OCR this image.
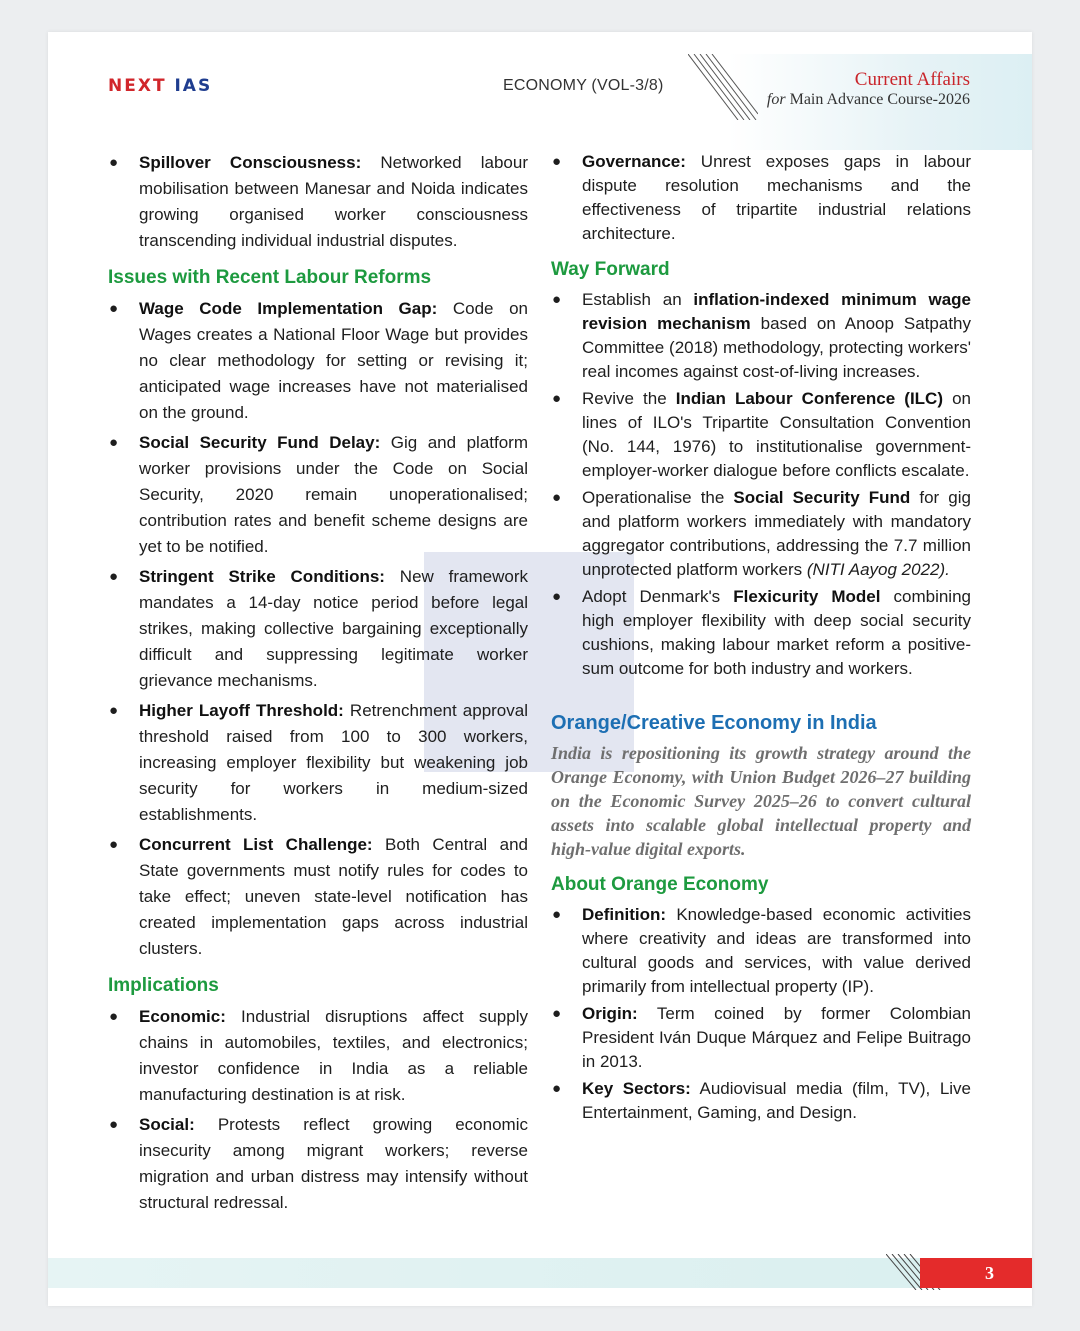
NEXT IAS	ECONOMY (VOL-3/8)	Current Affairs
for Main Advance Course-2026
● Spillover Consciousness: Networked labour mobilisation between Manesar and Noida indicates growing organised worker consciousness transcending individual industrial disputes.
Issues with Recent Labour Reforms
● Wage Code Implementation Gap: Code on Wages creates a National Floor Wage but provides no clear methodology for setting or revising it; anticipated wage increases have not materialised on the ground.
● Social Security Fund Delay: Gig and platform worker provisions under the Code on Social Security, 2020 remain unoperationalised; contribution rates and benefit scheme designs are yet to be notified.
● Stringent Strike Conditions: New framework mandates a 14-day notice period before legal strikes, making collective bargaining exceptionally difficult and suppressing legitimate worker grievance mechanisms.
● Higher Layoff Threshold: Retrenchment approval threshold raised from 100 to 300 workers, increasing employer flexibility but weakening job security for workers in medium-sized establishments.
● Concurrent List Challenge: Both Central and State governments must notify rules for codes to take effect; uneven state-level notification has created implementation gaps across industrial clusters.
Implications
● Economic: Industrial disruptions affect supply chains in automobiles, textiles, and electronics; investor confidence in India as a reliable manufacturing destination is at risk.
● Social: Protests reflect growing economic insecurity among migrant workers; reverse migration and urban distress may intensify without structural redressal.
● Governance: Unrest exposes gaps in labour dispute resolution mechanisms and the effectiveness of tripartite industrial relations architecture.
Way Forward
● Establish an inflation-indexed minimum wage revision mechanism based on Anoop Satpathy Committee (2018) methodology, protecting workers' real incomes against cost-of-living increases.
● Revive the Indian Labour Conference (ILC) on lines of ILO's Tripartite Consultation Convention (No. 144, 1976) to institutionalise government-employer-worker dialogue before conflicts escalate.
● Operationalise the Social Security Fund for gig and platform workers immediately with mandatory aggregator contributions, addressing the 7.7 million unprotected platform workers (NITI Aayog 2022).
● Adopt Denmark's Flexicurity Model combining high employer flexibility with deep social security cushions, making labour market reform a positive-sum outcome for both industry and workers.
Orange/Creative Economy in India
India is repositioning its growth strategy around the Orange Economy, with Union Budget 2026–27 building on the Economic Survey 2025–26 to convert cultural assets into scalable global intellectual property and high-value digital exports.
About Orange Economy
● Definition: Knowledge-based economic activities where creativity and ideas are transformed into cultural goods and services, with value derived primarily from intellectual property (IP).
● Origin: Term coined by former Colombian President Iván Duque Márquez and Felipe Buitrago in 2013.
● Key Sectors: Audiovisual media (film, TV), Live Entertainment, Gaming, and Design.
3
